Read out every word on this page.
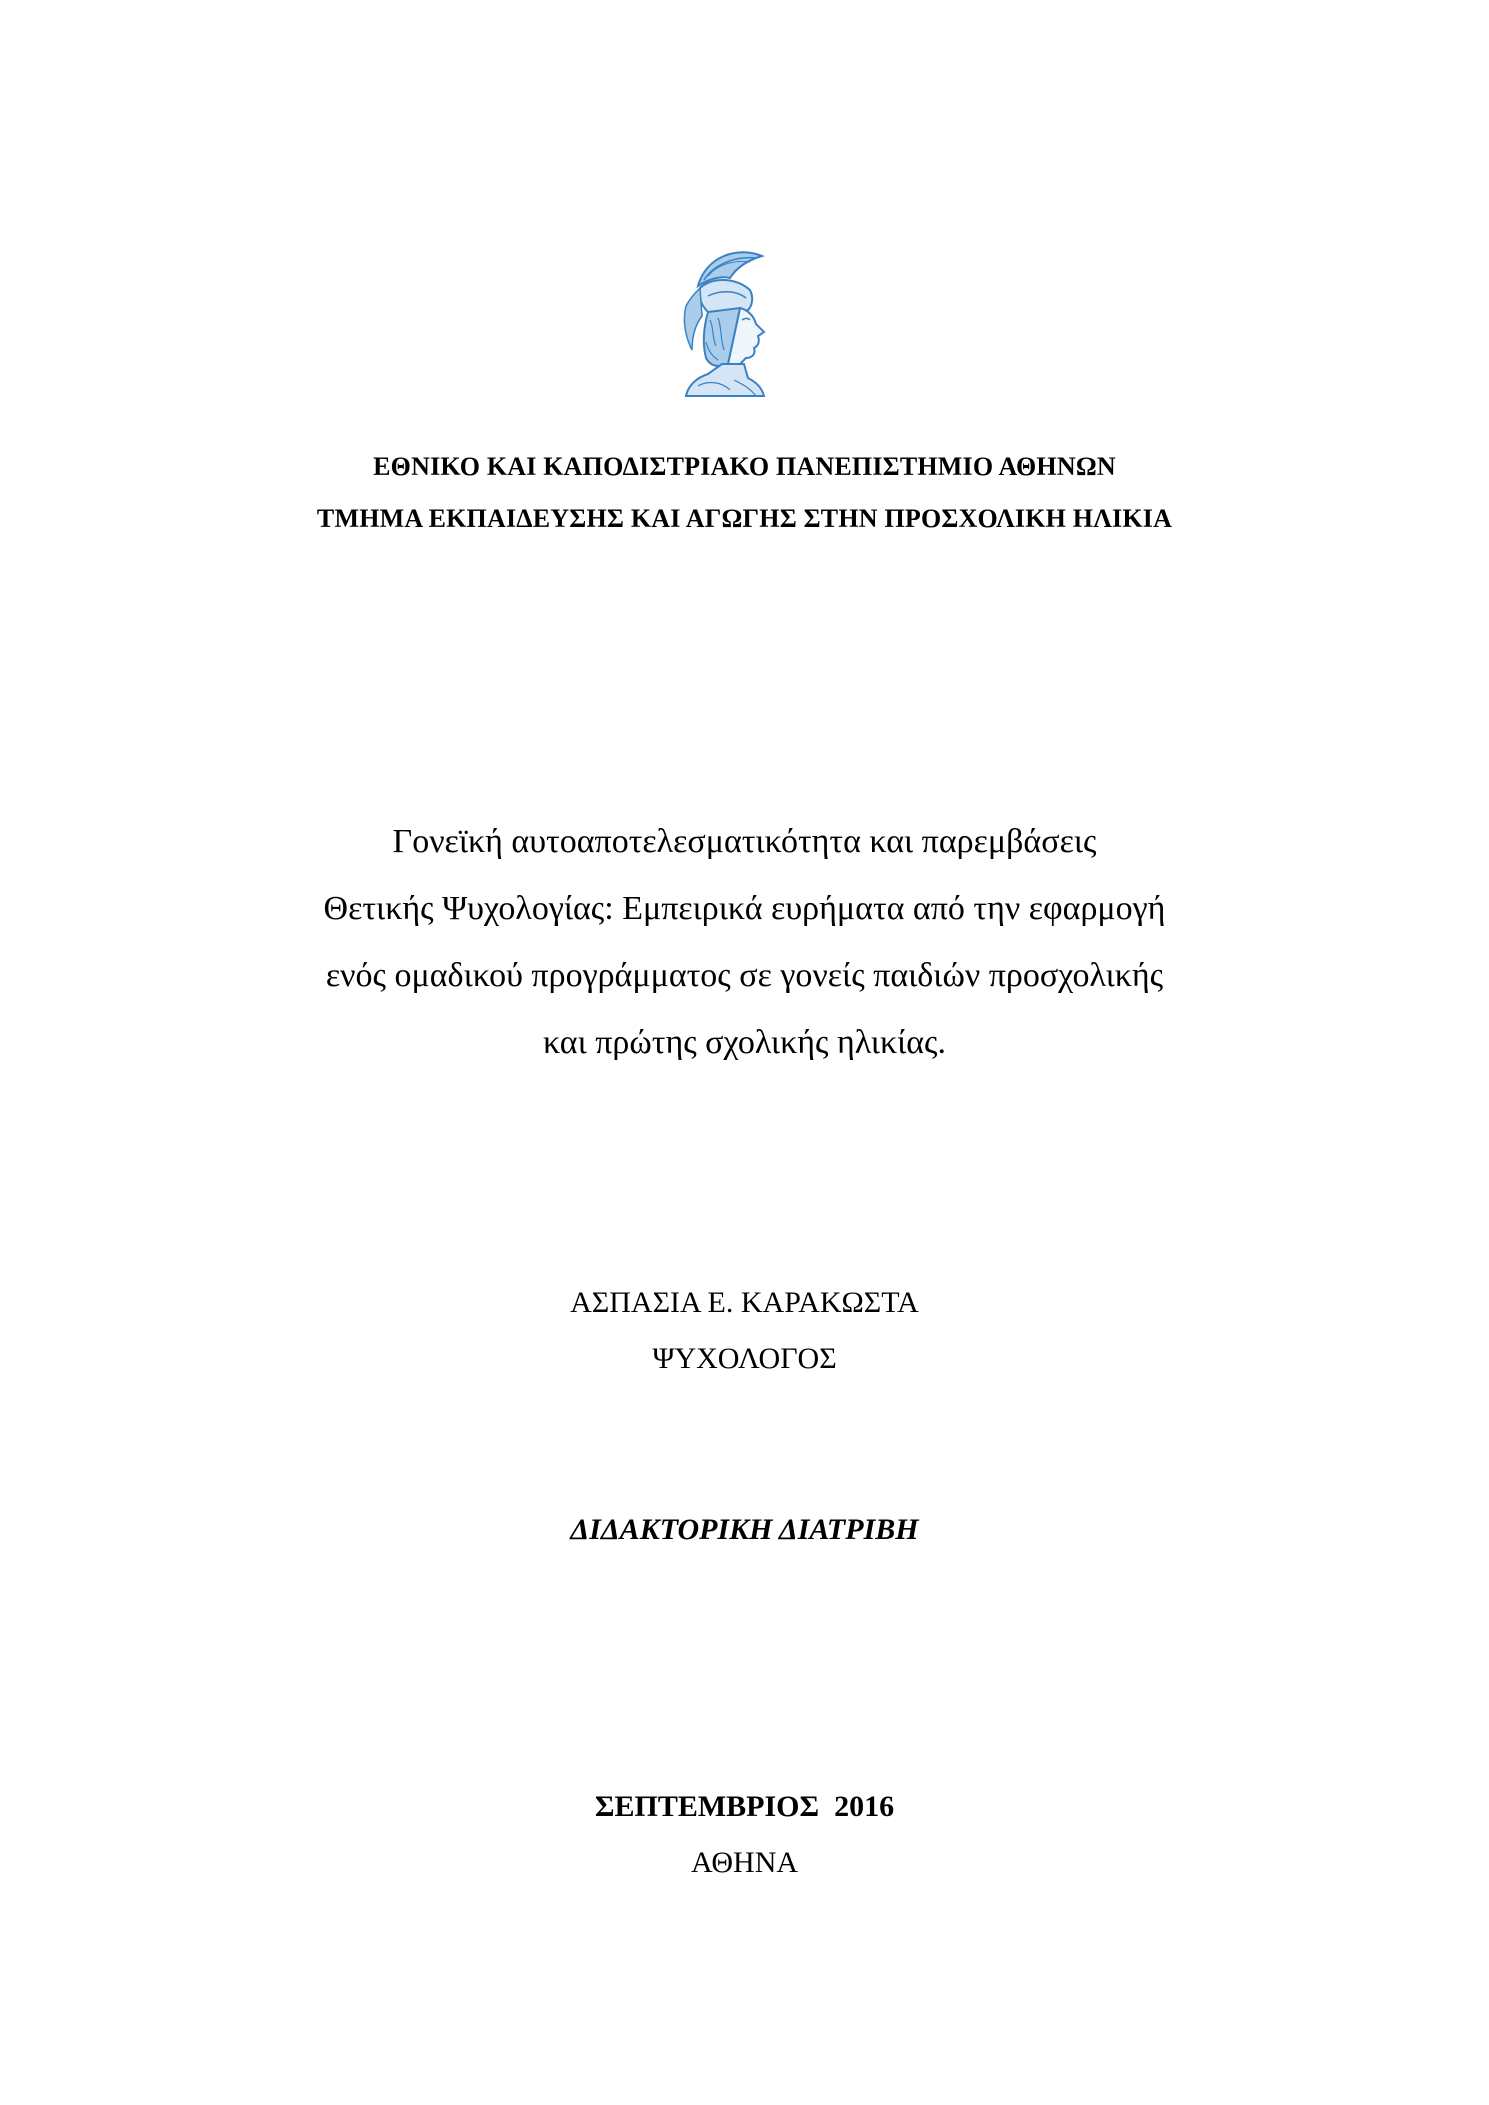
ΕΘΝΙΚΟ ΚΑΙ ΚΑΠΟΔΙΣΤΡΙΑΚΟ ΠΑΝΕΠΙΣΤΗΜΙΟ ΑΘΗΝΩΝ
ΤΜΗΜΑ ΕΚΠΑΙΔΕΥΣΗΣ ΚΑΙ ΑΓΩΓΗΣ ΣΤΗΝ ΠΡΟΣΧΟΛΙΚΗ ΗΛΙΚΙΑ
Γονεϊκή αυτοαποτελεσματικότητα και παρεμβάσεις
Θετικής Ψυχολογίας: Εμπειρικά ευρήματα από την εφαρμογή
ενός ομαδικού προγράμματος σε γονείς παιδιών προσχολικής
και πρώτης σχολικής ηλικίας.
ΑΣΠΑΣΙΑ Ε. ΚΑΡΑΚΩΣΤΑ
ΨΥΧΟΛΟΓΟΣ
ΔΙΔΑΚΤΟΡΙΚΗ ΔΙΑΤΡΙΒΗ
ΣΕΠΤΕΜΒΡΙΟΣ  2016
ΑΘΗΝΑ
